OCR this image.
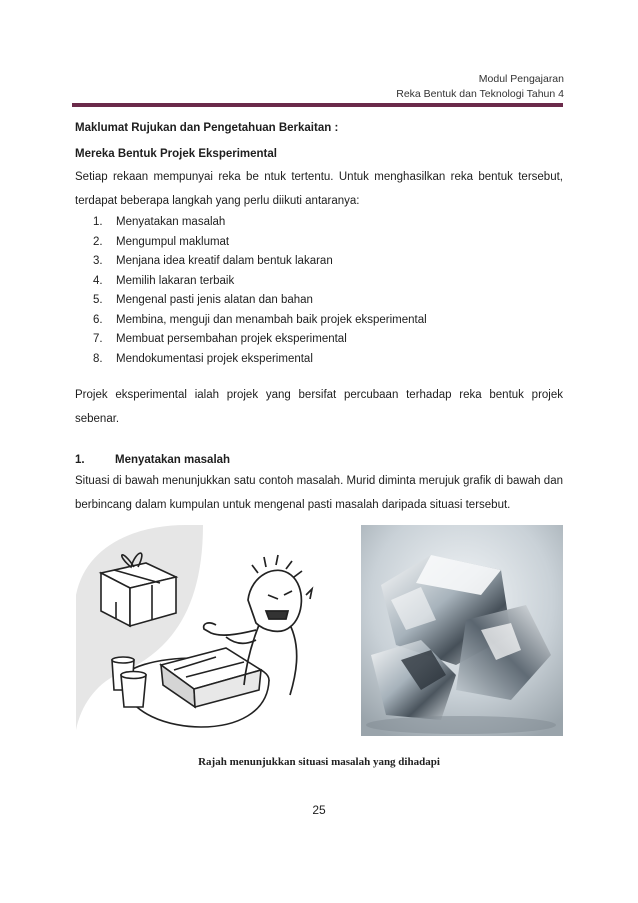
Modul Pengajaran
Reka Bentuk dan Teknologi Tahun 4

Maklumat Rujukan dan Pengetahuan Berkaitan :

Mereka Bentuk Projek Eksperimental

Setiap rekaan mempunyai reka be ntuk tertentu. Untuk menghasilkan reka bentuk tersebut, terdapat beberapa langkah yang perlu diikuti antaranya:

1.	Menyatakan masalah
2.	Mengumpul maklumat
3.	Menjana idea kreatif dalam bentuk lakaran
4.	Memilih lakaran terbaik
5.	Mengenal pasti jenis alatan dan bahan
6.	Membina, menguji dan menambah baik projek eksperimental
7.	Membuat persembahan projek eksperimental
8.	Mendokumentasi projek eksperimental

Projek eksperimental ialah projek yang bersifat percubaan terhadap reka bentuk projek sebenar.

1.	Menyatakan masalah

Situasi di bawah menunjukkan satu contoh masalah. Murid diminta merujuk grafik di bawah dan berbincang dalam kumpulan untuk mengenal pasti masalah daripada situasi tersebut.

Rajah menunjukkan situasi masalah yang dihadapi
25
